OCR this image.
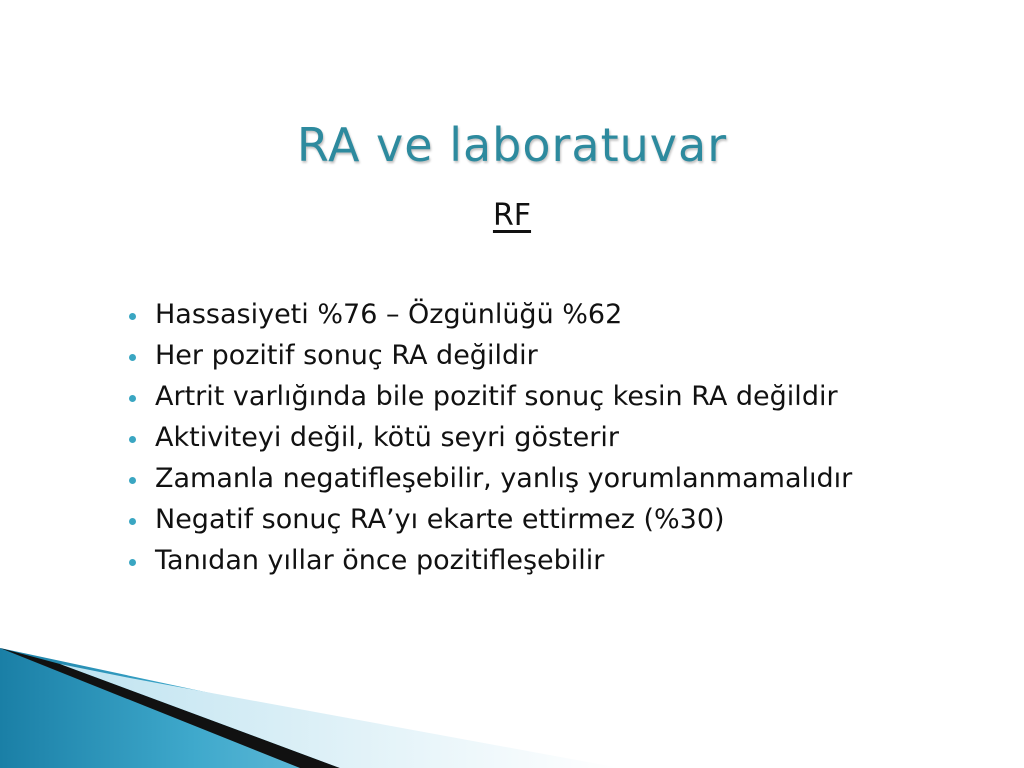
RA ve laboratuvar
RF
Hassasiyeti %76 – Özgünlüğü %62
Her pozitif sonuç RA değildir
Artrit varlığında bile pozitif sonuç kesin RA değildir
Aktiviteyi değil, kötü seyri gösterir
Zamanla negatifleşebilir, yanlış yorumlanmamalıdır
Negatif sonuç RA’yı ekarte ettirmez (%30)
Tanıdan yıllar önce pozitifleşebilir
